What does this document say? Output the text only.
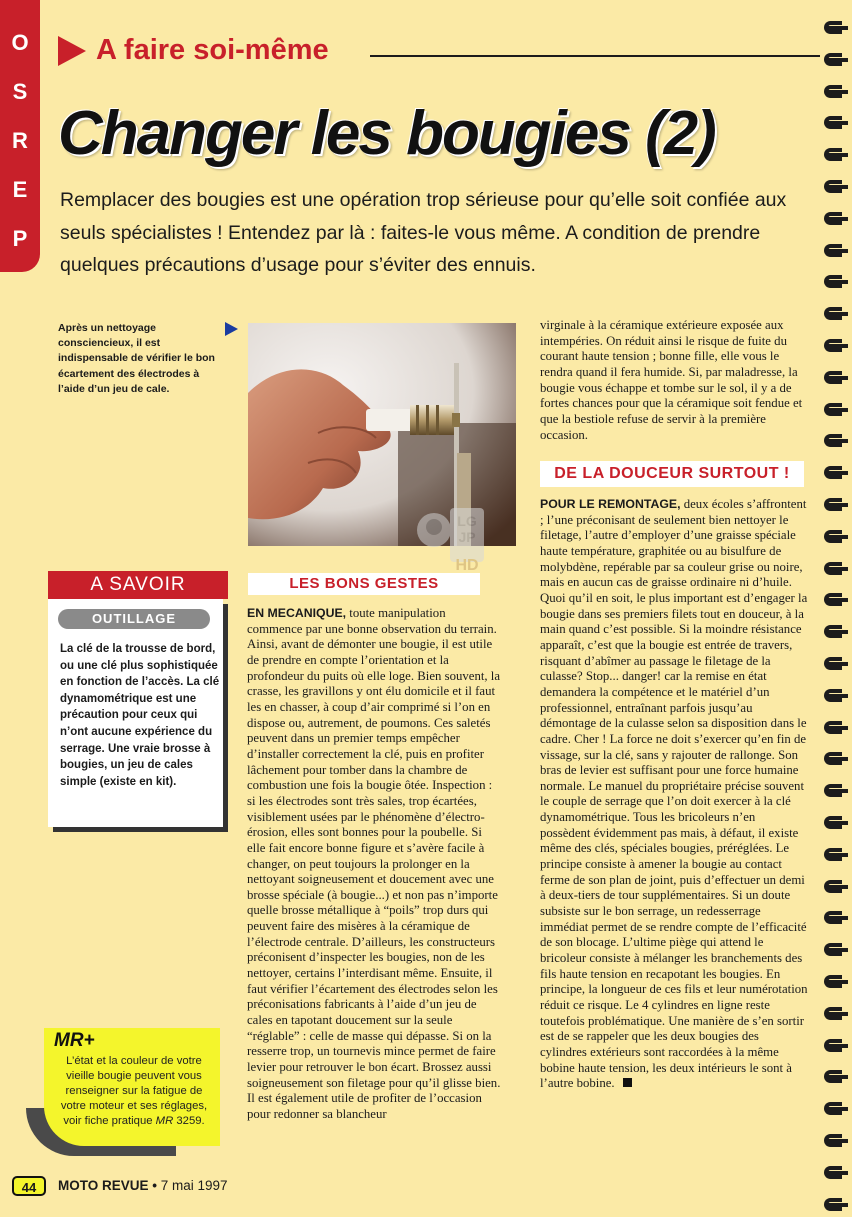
O
S
R
E
P
A faire soi-même
Changer les bougies (2)
Remplacer des bougies est une opération trop sérieuse pour qu’elle soit confiée aux seuls spécialistes ! Entendez par là : faites-le vous même. A condition de prendre quelques précautions d’usage pour s’éviter des ennuis.
Après un nettoyage consciencieux, il est indispensable de vérifier le bon écartement des électrodes à l’aide d’un jeu de cale.
A SAVOIR
OUTILLAGE
La clé de la trousse de bord, ou une clé plus sophistiquée en fonction de l’accès. La clé dynamométrique est une précaution pour ceux qui n’ont aucune expérience du serrage. Une vraie brosse à bougies, un jeu de cales simple (existe en kit).
LES BONS GESTES

EN MECANIQUE, toute manipulation commence par une bonne observation du terrain. Ainsi, avant de démonter une bougie, il est utile de prendre en compte l’orientation et la profondeur du puits où elle loge. Bien souvent, la crasse, les gravillons y ont élu domicile et il faut les en chasser, à coup d’air comprimé si l’on en dispose ou, autrement, de poumons. Ces saletés peuvent dans un premier temps empêcher d’installer correctement la clé, puis en profiter lâchement pour tomber dans la chambre de combustion une fois la bougie ôtée. Inspection : si les électrodes sont très sales, trop écartées, visiblement usées par le phénomène d’électro-érosion, elles sont bonnes pour la poubelle. Si elle fait encore bonne figure et s’avère facile à changer, on peut toujours la prolonger en la nettoyant soigneusement et doucement avec une brosse spéciale (à bougie...) et non pas n’importe quelle brosse métallique à “poils” trop durs qui peuvent faire des misères à la céramique de l’électrode centrale. D’ailleurs, les constructeurs préconisent d’inspecter les bougies, non de les nettoyer, certains l’interdisant même. Ensuite, il faut vérifier l’écartement des électrodes selon les préconisations fabricants à l’aide d’un jeu de cales en tapotant doucement sur la seule “réglable” : celle de masse qui dépasse. Si on la resserre trop, un tournevis mince permet de faire levier pour retrouver le bon écart. Brossez aussi soigneusement son filetage pour qu’il glisse bien. Il est également utile de profiter de l’occasion pour redonner sa blancheur

virginale à la céramique extérieure exposée aux intempéries. On réduit ainsi le risque de fuite du courant haute tension ; bonne fille, elle vous le rendra quand il fera humide. Si, par maladresse, la bougie vous échappe et tombe sur le sol, il y a de fortes chances pour que la céramique soit fendue et que la bestiole refuse de servir à la première occasion.
DE LA DOUCEUR SURTOUT !

POUR LE REMONTAGE, deux écoles s’affrontent ; l’une préconisant de seulement bien nettoyer le filetage, l’autre d’employer d’une graisse spéciale haute température, graphitée ou au bisulfure de molybdène, repérable par sa couleur grise ou noire, mais en aucun cas de graisse ordinaire ni d’huile. Quoi qu’il en soit, le plus important est d’engager la bougie dans ses premiers filets tout en douceur, à la main quand c’est possible. Si la moindre résistance apparaît, c’est que la bougie est entrée de travers, risquant d’abîmer au passage le filetage de la culasse? Stop... danger! car la remise en état demandera la compétence et le matériel d’un professionnel, entraînant parfois jusqu’au démontage de la culasse selon sa disposition dans le cadre. Cher ! La force ne doit s’exercer qu’en fin de vissage, sur la clé, sans y rajouter de rallonge. Son bras de levier est suffisant pour une force humaine normale. Le manuel du propriétaire précise souvent le couple de serrage que l’on doit exercer à la clé dynamométrique. Tous les bricoleurs n’en possèdent évidemment pas mais, à défaut, il existe même des clés, spéciales bougies, préréglées. Le principe consiste à amener la bougie au contact ferme de son plan de joint, puis d’effectuer un demi à deux-tiers de tour supplémentaires. Si un doute subsiste sur le bon serrage, un redesserrage immédiat permet de se rendre compte de l’efficacité de son blocage. L’ultime piège qui attend le bricoleur consiste à mélanger les branchements des fils haute tension en recapotant les bougies. En principe, la longueur de ces fils et leur numérotation réduit ce risque. Le 4 cylindres en ligne reste toutefois problématique. Une manière de s’en sortir est de se rappeler que les deux bougies des cylindres extérieurs sont raccordées à la même bobine haute tension, les deux intérieurs le sont à l’autre bobine.

LG
JP
HD
MR+
L’état et la couleur de votre vieille bougie peuvent vous renseigner sur la fatigue de votre moteur et ses réglages, voir fiche pratique MR 3259.
44	MOTO REVUE • 7 mai 1997
